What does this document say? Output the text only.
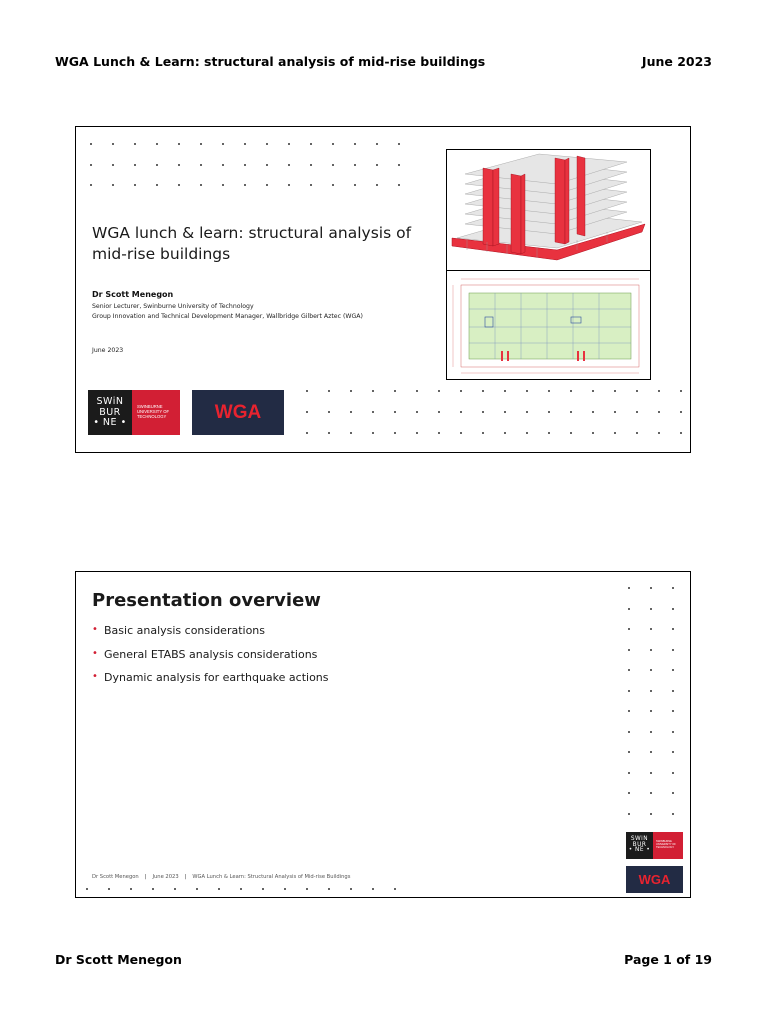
WGA Lunch & Learn: structural analysis of mid-rise buildings	June 2023
WGA lunch & learn: structural analysis of mid-rise buildings
Dr Scott Menegon
Senior Lecturer, Swinburne University of Technology
Group Innovation and Technical Development Manager, Wallbridge Gilbert Aztec (WGA)
June 2023
SWiN
BUR
• NE •
SWINBURNE
UNIVERSITY OF
TECHNOLOGY	WGA
Presentation overview
• Basic analysis considerations
• General ETABS analysis considerations
• Dynamic analysis for earthquake actions
Dr Scott Menegon | June 2023 | WGA Lunch & Learn: Structural Analysis of Mid-rise Buildings
SWiN
BUR
• NE •
SWINBURNE
UNIVERSITY OF
TECHNOLOGY
WGA
Dr Scott Menegon	Page 1 of 19
